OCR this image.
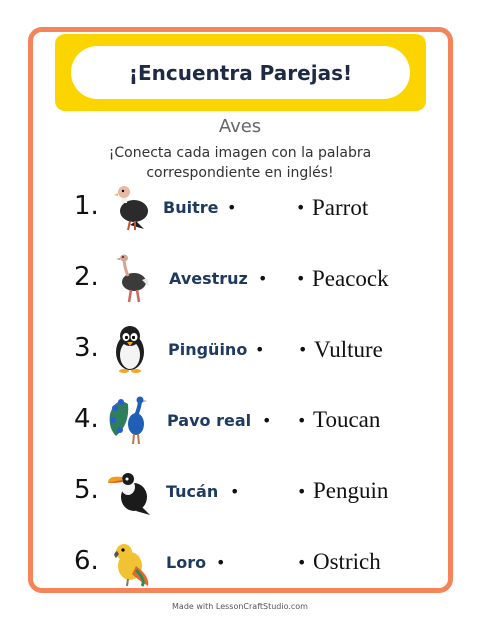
¡Encuentra Parejas!
Aves
¡Conecta cada imagen con la palabra
correspondiente en inglés!
1.	Buitre •	• Parrot
2.	Avestruz • • Peacock
3.	Pingüino • • Vulture
4.	Pavo real • • Toucan
5.	Tucán •	• Penguin
6.	Loro •	• Ostrich
Made with LessonCraftStudio.com
